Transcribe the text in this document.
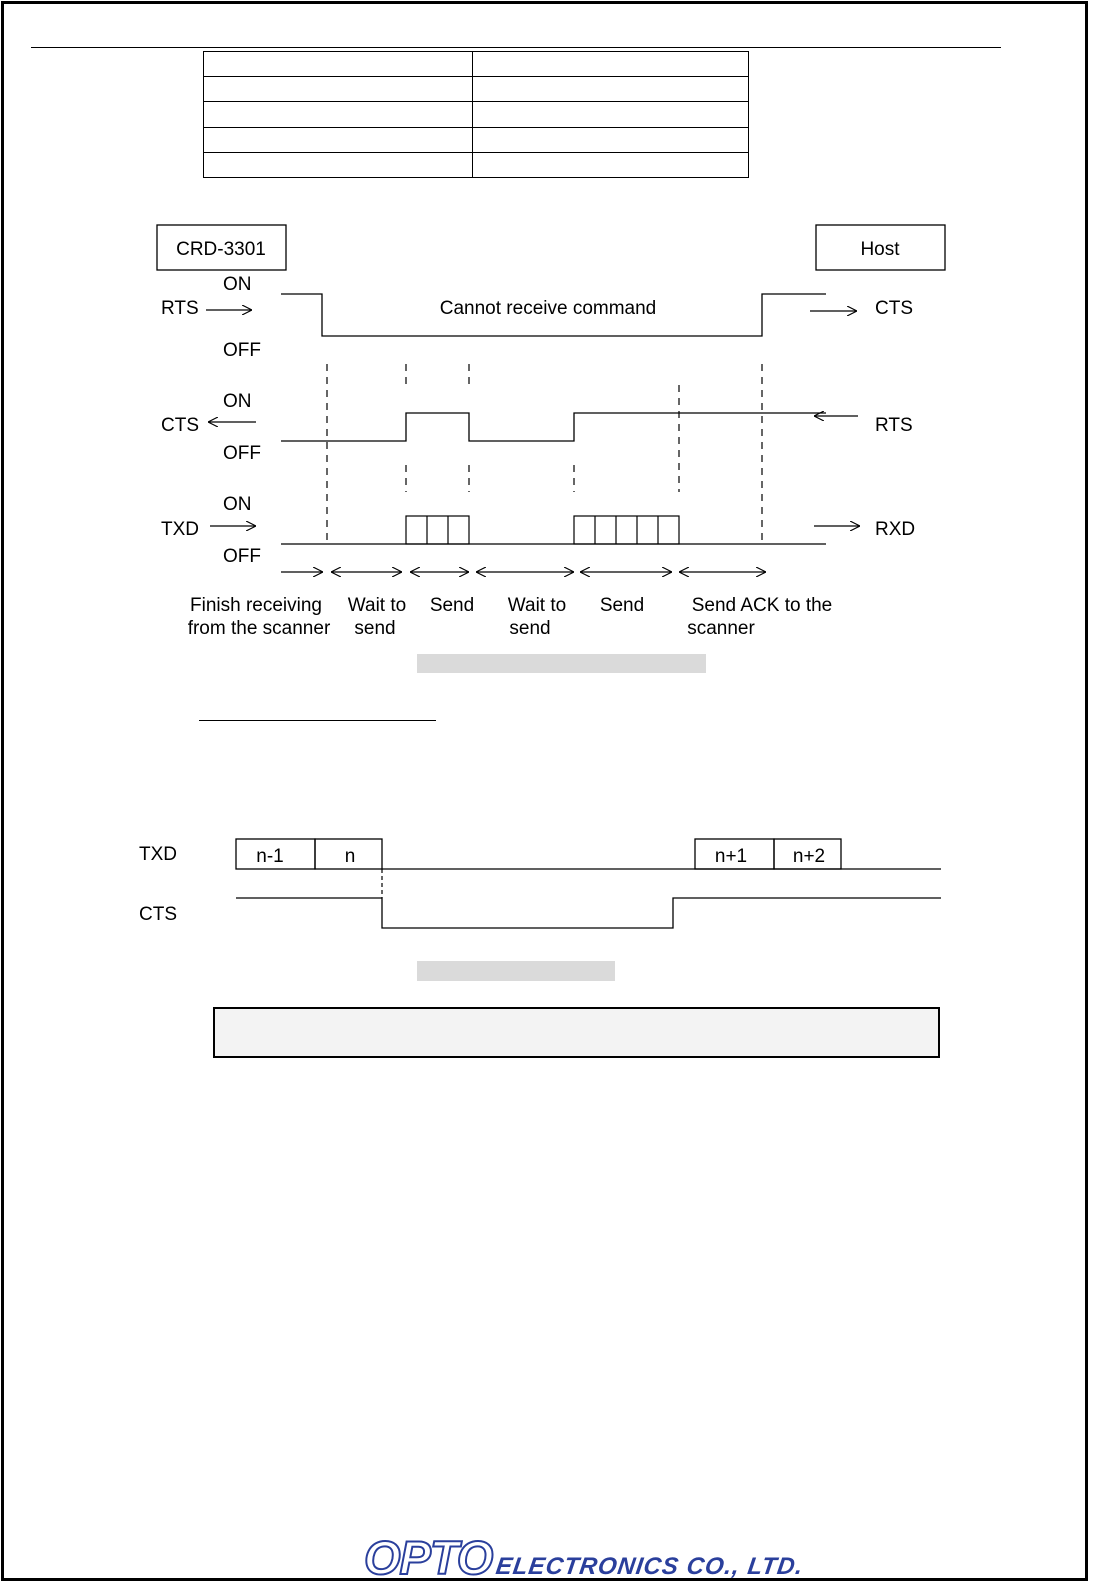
CRD-3301	Host
ON
RTS
OFF
Cannot receive command	CTS
ON
CTS
OFF
RTS
ON
TXD
OFF
RXD
Finish receiving
from the scanner
Wait to
send
Send Wait to
send
Send	Send ACK to the
scanner
TXD
CTS
n-1	n	n+1 n+2
OPTO ELECTRONICS CO., LTD.
